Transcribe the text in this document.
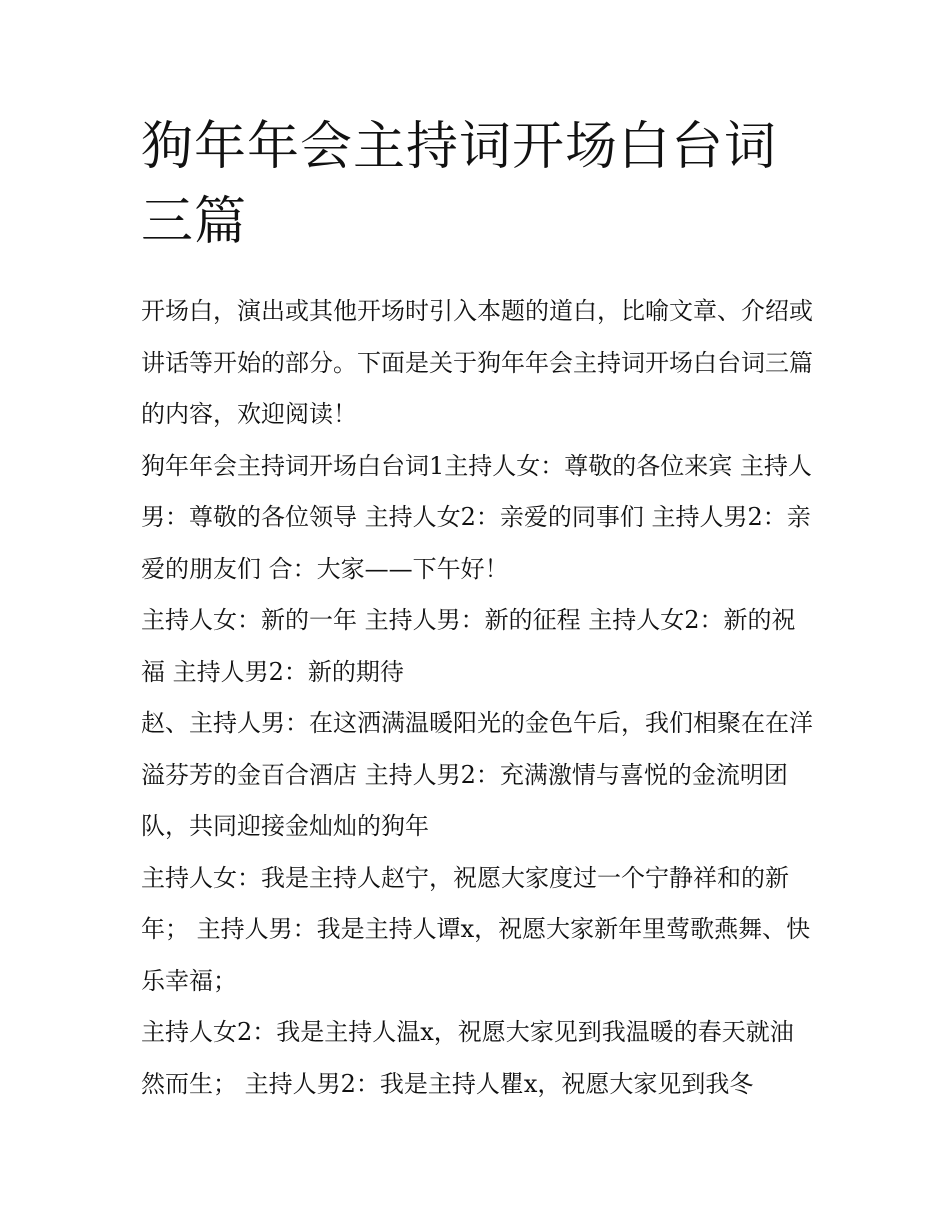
狗年年会主持词开场白台词三篇

开场白，演出或其他开场时引入本题的道白，比喻文章、介绍或讲话等开始的部分。下面是关于狗年年会主持词开场白台词三篇的内容，欢迎阅读！

狗年年会主持词开场白台词1主持人女：尊敬的各位来宾 主持人男：尊敬的各位领导 主持人女2：亲爱的同事们 主持人男2：亲爱的朋友们 合：大家——下午好！

主持人女：新的一年 主持人男：新的征程 主持人女2：新的祝福 主持人男2：新的期待

赵、主持人男：在这洒满温暖阳光的金色午后，我们相聚在在洋溢芬芳的金百合酒店 主持人男2：充满激情与喜悦的金流明团队，共同迎接金灿灿的狗年

主持人女：我是主持人赵宁，祝愿大家度过一个宁静祥和的新年； 主持人男：我是主持人谭x，祝愿大家新年里莺歌燕舞、快乐幸福；

主持人女2：我是主持人温x，祝愿大家见到我温暖的春天就油然而生； 主持人男2：我是主持人瞿x，祝愿大家见到我冬
